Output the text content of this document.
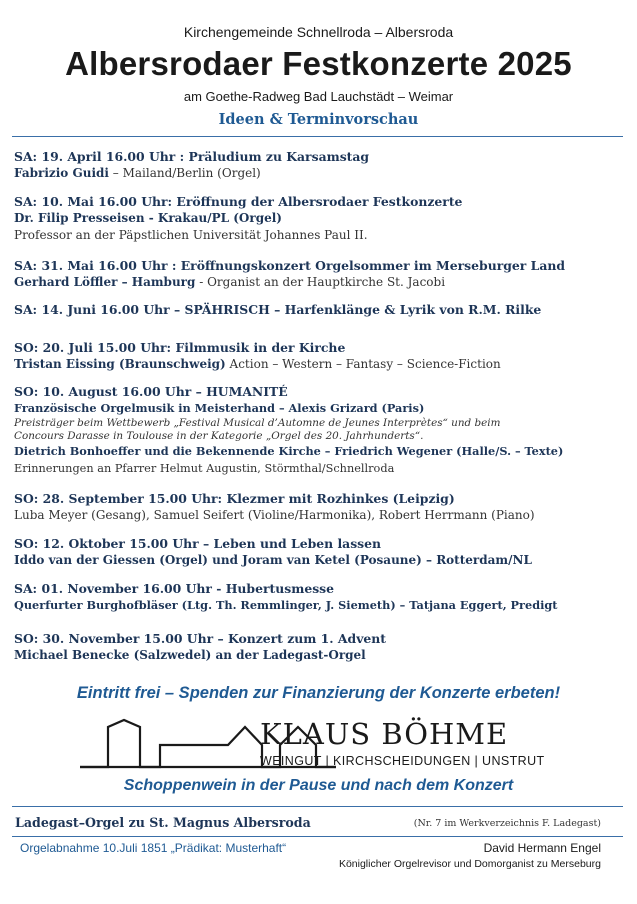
Kirchengemeinde Schnellroda – Albersroda
Albersrodaer Festkonzerte 2025
am Goethe-Radweg Bad Lauchstädt – Weimar
Ideen & Terminvorschau
SA: 19. April 16.00 Uhr : Präludium zu Karsamstag
Fabrizio Guidi – Mailand/Berlin (Orgel)
SA: 10. Mai 16.00 Uhr: Eröffnung der Albersrodaer Festkonzerte
Dr. Filip Presseisen - Krakau/PL (Orgel)
Professor an der Päpstlichen Universität Johannes Paul II.
SA: 31. Mai 16.00 Uhr : Eröffnungskonzert Orgelsommer im Merseburger Land
Gerhard Löffler – Hamburg - Organist an der Hauptkirche St. Jacobi
SA: 14. Juni 16.00 Uhr – SPÄHRISCH – Harfenklänge & Lyrik von R.M. Rilke
SO: 20. Juli 15.00 Uhr: Filmmusik in der Kirche
Tristan Eissing (Braunschweig) Action – Western – Fantasy – Science-Fiction
SO: 10. August 16.00 Uhr – HUMANITÉ
Französische Orgelmusik in Meisterhand – Alexis Grizard (Paris)
Preisträger beim Wettbewerb „Festival Musical d’Automne de Jeunes Interprètes“ und beim
Concours Darasse in Toulouse in der Kategorie „Orgel des 20. Jahrhunderts“.
Dietrich Bonhoeffer und die Bekennende Kirche – Friedrich Wegener (Halle/S. – Texte)
Erinnerungen an Pfarrer Helmut Augustin, Störmthal/Schnellroda
SO: 28. September 15.00 Uhr: Klezmer mit Rozhinkes (Leipzig)
Luba Meyer (Gesang), Samuel Seifert (Violine/Harmonika), Robert Herrmann (Piano)
SO: 12. Oktober 15.00 Uhr – Leben und Leben lassen
Iddo van der Giessen (Orgel) und Joram van Ketel (Posaune) – Rotterdam/NL
SA: 01. November 16.00 Uhr - Hubertusmesse
Querfurter Burghofbläser (Ltg. Th. Remmlinger, J. Siemeth) – Tatjana Eggert, Predigt
SO: 30. November 15.00 Uhr – Konzert zum 1. Advent
Michael Benecke (Salzwedel) an der Ladegast-Orgel
Eintritt frei – Spenden zur Finanzierung der Konzerte erbeten!
KLAUS BÖHME
WEINGUT | KIRCHSCHEIDUNGEN | UNSTRUT
Schoppenwein in der Pause und nach dem Konzert
Ladegast–Orgel zu St. Magnus Albersroda	(Nr. 7 im Werkverzeichnis F. Ladegast)
Orgelabnahme 10.Juli 1851 „Prädikat: Musterhaft“	David Hermann Engel
Königlicher Orgelrevisor und Domorganist zu Merseburg
